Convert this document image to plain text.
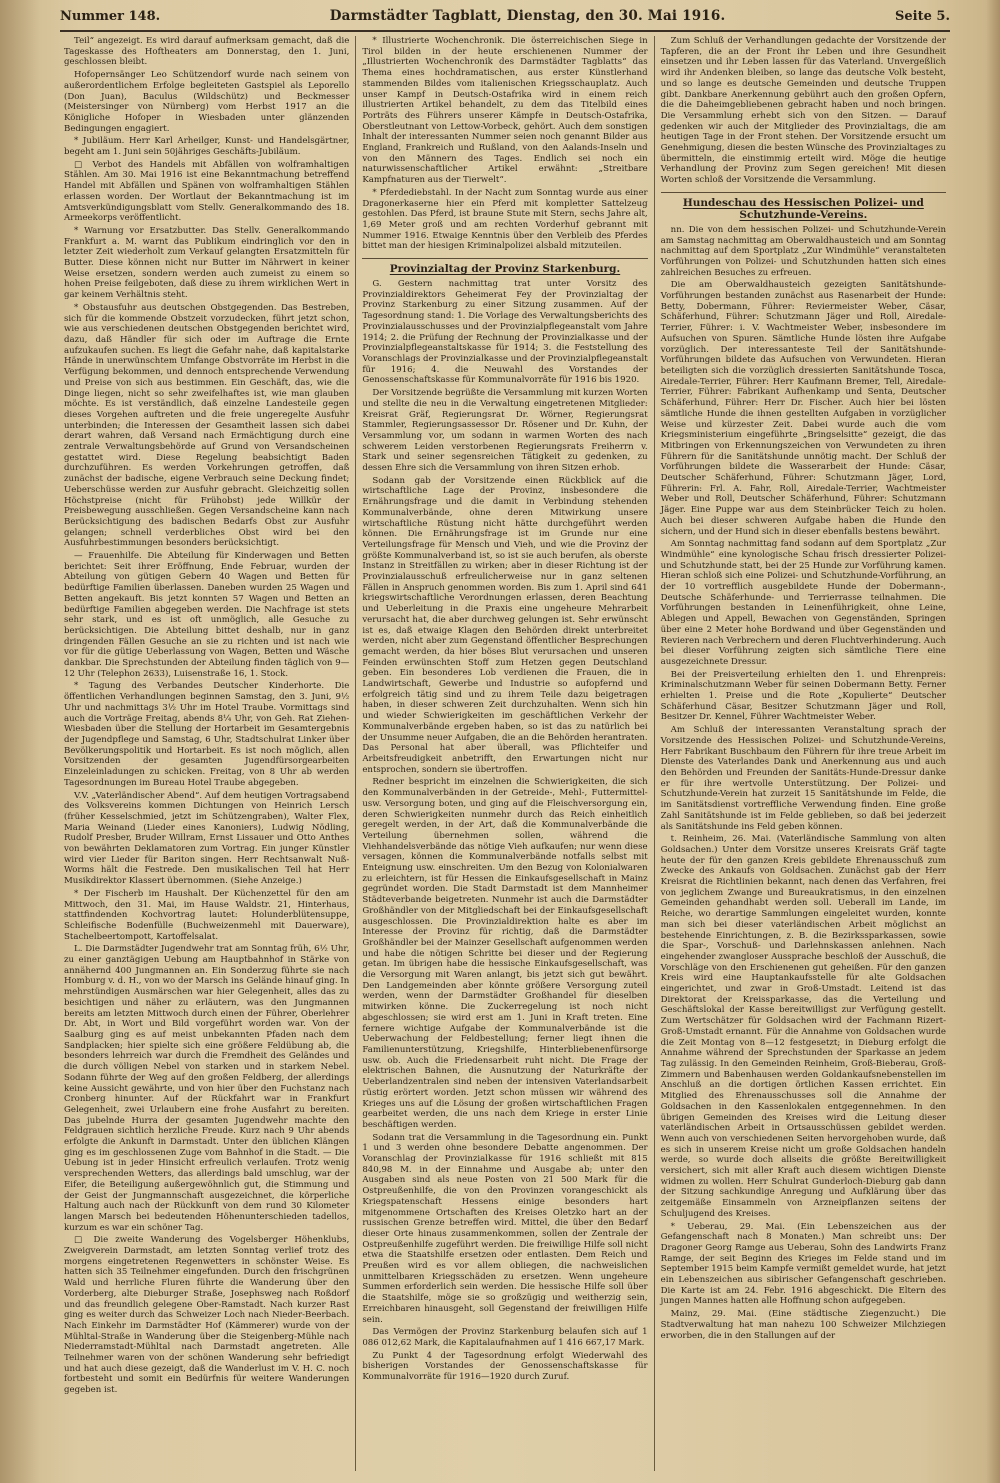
Nummer 148.	Darmstädter Tagblatt, Dienstag, den 30. Mai 1916.	Seite 5.

Teil“ angezeigt. Es wird darauf aufmerksam gemacht, daß die Tageskasse des Hoftheaters am Donnerstag, den 1. Juni, geschlossen bleibt.

Hofopernsänger Leo Schützendorf wurde nach seinem von außerordentlichem Erfolge begleiteten Gastspiel als Leporello (Don Juan), Baculus (Wildschütz) und Beckmesser (Meistersinger von Nürnberg) vom Herbst 1917 an die Königliche Hofoper in Wiesbaden unter glänzenden Bedingungen engagiert.

* Jubiläum. Herr Karl Arheilger, Kunst- und Handelsgärtner, begeht am 1. Juni sein 50jähriges Geschäfts-Jubiläum.

□ Verbot des Handels mit Abfällen von wolframhaltigen Stählen. Am 30. Mai 1916 ist eine Bekanntmachung betreffend Handel mit Abfällen und Spänen von wolframhaltigen Stählen erlassen worden. Der Wortlaut der Bekanntmachung ist im Amtsverkündigungsblatt vom Stellv. Generalkommando des 18. Armeekorps veröffentlicht.

* Warnung vor Ersatzbutter. Das Stellv. Generalkommando Frankfurt a. M. warnt das Publikum eindringlich vor den in letzter Zeit wiederholt zum Verkauf gelangten Ersatzmitteln für Butter. Diese können nicht nur Butter im Nährwert in keiner Weise ersetzen, sondern werden auch zumeist zu einem so hohen Preise feilgeboten, daß diese zu ihrem wirklichen Wert in gar keinem Verhältnis steht.

* Obstausfuhr aus deutschen Obstgegenden. Das Bestreben, sich für die kommende Obstzeit vorzudecken, führt jetzt schon, wie aus verschiedenen deutschen Obstgegenden berichtet wird, dazu, daß Händler für sich oder im Auftrage die Ernte aufzukaufen suchen. Es liegt die Gefahr nahe, daß kapitalstarke Hände in unerwünschtem Umfange Obstvorräte im Herbst in die Verfügung bekommen, und dennoch entsprechende Verwendung und Preise von sich aus bestimmen. Ein Geschäft, das, wie die Dinge liegen, nicht so sehr zweifelhaftes ist, wie man glauben möchte. Es ist verständlich, daß einzelne Landesteile gegen dieses Vorgehen auftreten und die freie ungeregelte Ausfuhr unterbinden; die Interessen der Gesamtheit lassen sich dabei derart wahren, daß Versand nach Ermächtigung durch eine zentrale Verwaltungsbehörde auf Grund von Versandscheinen gestattet wird. Diese Regelung beabsichtigt Baden durchzuführen. Es werden Vorkehrungen getroffen, daß zunächst der badische, eigene Verbrauch seine Deckung findet; Ueberschüsse werden zur Ausfuhr gebracht. Gleichzeitig sollen Höchstpreise (nicht für Frühobst) jede Willkür der Preisbewegung ausschließen. Gegen Versandscheine kann nach Berücksichtigung des badischen Bedarfs Obst zur Ausfuhr gelangen; schnell verderbliches Obst wird bei den Ausfuhrbestimmungen besonders berücksichtigt.

— Frauenhilfe. Die Abteilung für Kinderwagen und Betten berichtet: Seit ihrer Eröffnung, Ende Februar, wurden der Abteilung von gütigen Gebern 40 Wagen und Betten für bedürftige Familien überlassen. Daneben wurden 25 Wagen und Betten angekauft. Bis jetzt konnten 57 Wagen und Betten an bedürftige Familien abgegeben werden. Die Nachfrage ist stets sehr stark, und es ist oft unmöglich, alle Gesuche zu berücksichtigen. Die Abteilung bittet deshalb, nur in ganz dringenden Fällen Gesuche an sie zu richten und ist nach wie vor für die gütige Ueberlassung von Wagen, Betten und Wäsche dankbar. Die Sprechstunden der Abteilung finden täglich von 9—12 Uhr (Telephon 2633), Luisenstraße 16, 1. Stock.

* Tagung des Verbandes Deutscher Kinderhorte. Die öffentlichen Verhandlungen beginnen Samstag, den 3. Juni, 9½ Uhr und nachmittags 3½ Uhr im Hotel Traube. Vormittags sind auch die Vorträge Freitag, abends 8¼ Uhr, von Geh. Rat Ziehen-Wiesbaden über die Stellung der Hortarbeit im Gesamtergebnis der Jugendpflege und Samstag, 6 Uhr, Stadtschulrat Linker über Bevölkerungspolitik und Hortarbeit. Es ist noch möglich, allen Vorsitzenden der gesamten Jugendfürsorgearbeiten Einzeleinladungen zu schicken. Freitag, von 8 Uhr ab werden Tagesordnungen im Bureau Hotel Traube abgegeben.

V.V. „Vaterländischer Abend“. Auf dem heutigen Vortragsabend des Volksvereins kommen Dichtungen von Heinrich Lersch (früher Kesselschmied, jetzt im Schützengraben), Walter Flex, Maria Weinand (Lieder eines Kanoniers), Ludwig Nödling, Rudolf Presber, Bruder Willram, Ernst Lissauer und Otto Anthes von bewährten Deklamatoren zum Vortrag. Ein junger Künstler wird vier Lieder für Bariton singen. Herr Rechtsanwalt Nuß-Worms hält die Festrede. Den musikalischen Teil hat Herr Musikdirektor Klassert übernommen. (Siehe Anzeige.)

* Der Fischerb im Haushalt. Der Küchenzettel für den am Mittwoch, den 31. Mai, im Hause Waldstr. 21, Hinterhaus, stattfindenden Kochvortrag lautet: Holunderblütensuppe, Schleifische Bodenfülle (Buchweizenmehl mit Dauerware), Stachelbeertompott, Kartoffelsalat.

L. Die Darmstädter Jugendwehr trat am Sonntag früh, 6½ Uhr, zu einer ganztägigen Uebung am Hauptbahnhof in Stärke von annähernd 400 Jungmannen an. Ein Sonderzug führte sie nach Homburg v. d. H., von wo der Marsch ins Gelände hinauf ging. In mehrstündigen Ausmärschen war hier Gelegenheit, alles das zu besichtigen und näher zu erläutern, was den Jungmannen bereits am letzten Mittwoch durch einen der Führer, Oberlehrer Dr. Abt, in Wort und Bild vorgeführt worden war. Von der Saalburg ging es auf meist unbekannten Pfaden nach dem Sandplacken; hier spielte sich eine größere Feldübung ab, die besonders lehrreich war durch die Fremdheit des Geländes und die durch völligen Nebel von starken und in starkem Nebel. Sodann führte der Weg auf den großen Feldberg, der allerdings keine Aussicht gewährte, und von hier über den Fuchstanz nach Cronberg hinunter. Auf der Rückfahrt war in Frankfurt Gelegenheit, zwei Urlaubern eine frohe Ausfahrt zu bereiten. Das jubelnde Hurra der gesamten Jugendwehr machte den Feldgrauen sichtlich herzliche Freude. Kurz nach 9 Uhr abends erfolgte die Ankunft in Darmstadt. Unter den üblichen Klängen ging es im geschlossenen Zuge vom Bahnhof in die Stadt. — Die Uebung ist in jeder Hinsicht erfreulich verlaufen. Trotz wenig versprechenden Wetters, das allerdings bald umschlug, war der Eifer, die Beteiligung außergewöhnlich gut, die Stimmung und der Geist der Jungmannschaft ausgezeichnet, die körperliche Haltung auch nach der Rückkunft von dem rund 30 Kilometer langen Marsch bei bedeutenden Höhenunterschieden tadellos, kurzum es war ein schöner Tag.

□ Die zweite Wanderung des Vogelsberger Höhenklubs, Zweigverein Darmstadt, am letzten Sonntag verlief trotz des morgens eingetretenen Regenwetters in schönster Weise. Es hatten sich 35 Teilnehmer eingefunden. Durch den frischgrünen Wald und herrliche Fluren führte die Wanderung über den Vorderberg, alte Dieburger Straße, Josephsweg nach Roßdorf und das freundlich gelegene Ober-Ramstadt. Nach kurzer Rast ging es weiter durch das Schweizer Loch nach Nieder-Beerbach. Nach Einkehr im Darmstädter Hof (Kämmerer) wurde von der Mühltal-Straße in Wanderung über die Steigenberg-Mühle nach Niederramstadt-Mühltal nach Darmstadt angetreten. Alle Teilnehmer waren von der schönen Wanderung sehr befriedigt und hat auch diese gezeigt, daß die Wanderlust im V. H. C. noch fortbesteht und somit ein Bedürfnis für weitere Wanderungen gegeben ist.

* Illustrierte Wochenchronik. Die österreichischen Siege in Tirol bilden in der heute erschienenen Nummer der „Illustrierten Wochenchronik des Darmstädter Tagblatts“ das Thema eines hochdramatischen, aus erster Künstlerhand stammenden Bildes vom italienischen Kriegsschauplatz. Auch unser Kampf in Deutsch-Ostafrika wird in einem reich illustrierten Artikel behandelt, zu dem das Titelbild eines Porträts des Führers unserer Kämpfe in Deutsch-Ostafrika, Oberstleutnant von Lettow-Vorbeck, gehört. Auch dem sonstigen Inhalt der interessanten Nummer seien noch genannt Bilder aus England, Frankreich und Rußland, von den Aalands-Inseln und von den Männern des Tages. Endlich sei noch ein naturwissenschaftlicher Artikel erwähnt: „Streitbare Kampfnaturen aus der Tierwelt“.

* Pferdediebstahl. In der Nacht zum Sonntag wurde aus einer Dragonerkaserne hier ein Pferd mit kompletter Sattelzeug gestohlen. Das Pferd, ist braune Stute mit Stern, sechs Jahre alt, 1,69 Meter groß und am rechten Vorderhuf gebrannt mit Nummer 1916. Etwaige Kenntnis über den Verbleib des Pferdes bittet man der hiesigen Kriminalpolizei alsbald mitzuteilen.

Provinzialtag der Provinz Starkenburg.

G. Gestern nachmittag trat unter Vorsitz des Provinzialdirektors Geheimerat Fey der Provinzialtag der Provinz Starkenburg zu einer Sitzung zusammen. Auf der Tagesordnung stand: 1. Die Vorlage des Verwaltungsberichts des Provinzialausschusses und der Provinzialpflegeanstalt vom Jahre 1914; 2. die Prüfung der Rechnung der Provinzialkasse und der Provinzialpflegeanstaltskasse für 1914; 3. die Feststellung des Voranschlags der Provinzialkasse und der Provinzialpflegeanstalt für 1916; 4. die Neuwahl des Vorstandes der Genossenschaftskasse für Kommunalvorräte für 1916 bis 1920.

Der Vorsitzende begrüßte die Versammlung mit kurzen Worten und stellte die neu in die Verwaltung eingetretenen Mitglieder: Kreisrat Gräf, Regierungsrat Dr. Wörner, Regierungsrat Stammler, Regierungsassessor Dr. Rösener und Dr. Kuhn, der Versammlung vor, um sodann in warmen Worten des nach schwerem Leiden verstorbenen Regierungsrats Freiherrn v. Stark und seiner segensreichen Tätigkeit zu gedenken, zu dessen Ehre sich die Versammlung von ihren Sitzen erhob.

Sodann gab der Vorsitzende einen Rückblick auf die wirtschaftliche Lage der Provinz, insbesondere die Ernährungsfrage und die damit in Verbindung stehenden Kommunalverbände, ohne deren Mitwirkung unsere wirtschaftliche Rüstung nicht hätte durchgeführt werden können. Die Ernährungsfrage ist im Grunde nur eine Verteilungsfrage für Mensch und Vieh, und wie die Provinz der größte Kommunalverband ist, so ist sie auch berufen, als oberste Instanz in Streitfällen zu wirken; aber in dieser Richtung ist der Provinzialausschuß erfreulicherweise nur in ganz seltenen Fällen in Anspruch genommen worden. Bis zum 1. April sind 641 kriegswirtschaftliche Verordnungen erlassen, deren Beachtung und Ueberleitung in die Praxis eine ungeheure Mehrarbeit verursacht hat, die aber durchweg gelungen ist. Sehr erwünscht ist es, daß etwaige Klagen den Behörden direkt unterbreitet werden, nicht aber zum Gegenstand öffentlicher Besprechungen gemacht werden, da hier böses Blut verursachen und unseren Feinden erwünschten Stoff zum Hetzen gegen Deutschland geben. Ein besonderes Lob verdienen die Frauen, die in Landwirtschaft, Gewerbe und Industrie so aufopfernd und erfolgreich tätig sind und zu ihrem Teile dazu beigetragen haben, in dieser schweren Zeit durchzuhalten. Wenn sich hin und wieder Schwierigkeiten im geschäftlichen Verkehr der Kommunalverbände ergeben haben, so ist das zu natürlich bei der Unsumme neuer Aufgaben, die an die Behörden herantraten. Das Personal hat aber überall, was Pflichteifer und Arbeitsfreudigkeit anbetrifft, den Erwartungen nicht nur entsprochen, sondern sie übertroffen.

Redner bespricht im einzelnen die Schwierigkeiten, die sich den Kommunalverbänden in der Getreide-, Mehl-, Futtermittel- usw. Versorgung boten, und ging auf die Fleischversorgung ein, deren Schwierigkeiten nunmehr durch das Reich einheitlich geregelt werden, in der Art, daß die Kommunalverbände die Verteilung übernehmen sollen, während die Viehhandelsverbände das nötige Vieh aufkaufen; nur wenn diese versagen, können die Kommunalverbände notfalls selbst mit Enteignung usw. einschreiten. Um den Bezug von Kolonialwaren zu erleichtern, ist für Hessen die Einkaufsgesellschaft in Mainz gegründet worden. Die Stadt Darmstadt ist dem Mannheimer Städteverbande beigetreten. Nunmehr ist auch die Darmstädter Großhändler von der Mitgliedschaft bei der Einkaufsgesellschaft ausgeschlossen. Die Provinzialdirektion halte es aber im Interesse der Provinz für richtig, daß die Darmstädter Großhändler bei der Mainzer Gesellschaft aufgenommen werden und habe die nötigen Schritte bei dieser und der Regierung getan. Im übrigen habe die hessische Einkaufsgesellschaft, was die Versorgung mit Waren anlangt, bis jetzt sich gut bewährt. Den Landgemeinden aber könnte größere Versorgung zuteil werden, wenn der Darmstädter Großhandel für dieselben mitwirken könne. Die Zuckerregelung ist noch nicht abgeschlossen; sie wird erst am 1. Juni in Kraft treten. Eine fernere wichtige Aufgabe der Kommunalverbände ist die Ueberwachung der Feldbestellung; ferner liegt ihnen die Familienunterstützung, Kriegshilfe, Hinterbliebenenfürsorge usw. ob. Auch die Friedensarbeit ruht nicht. Die Frage der elektrischen Bahnen, die Ausnutzung der Naturkräfte der Ueberlandzentralen sind neben der intensiven Vaterlandsarbeit rüstig erörtert worden. Jetzt schon müssen wir während des Krieges uns auf die Lösung der großen wirtschaftlichen Fragen gearbeitet werden, die uns nach dem Kriege in erster Linie beschäftigen werden.

Sodann trat die Versammlung in die Tagesordnung ein. Punkt 1 und 3 werden ohne besondere Debatte angenommen. Der Voranschlag der Provinzialkasse für 1916 schließt mit 815 840,98 M. in der Einnahme und Ausgabe ab; unter den Ausgaben sind als neue Posten von 21 500 Mark für die Ostpreußenhilfe, die von den Provinzen vorangeschickt als Kriegspatenschaft Hessens einige besonders hart mitgenommene Ortschaften des Kreises Oletzko hart an der russischen Grenze betreffen wird. Mittel, die über den Bedarf dieser Orte hinaus zusammenkommen, sollen der Zentrale der Ostpreußenhilfe zugeführt werden. Die freiwillige Hilfe soll nicht etwa die Staatshilfe ersetzen oder entlasten. Dem Reich und Preußen wird es vor allem obliegen, die nachweislichen unmittelbaren Kriegsschäden zu ersetzen. Wenn ungeheure Summen erforderlich sein werden. Die hessische Hilfe soll über die Staatshilfe, möge sie so großzügig und weitherzig sein, Erreichbaren hinausgeht, soll Gegenstand der freiwilligen Hilfe sein.

Das Vermögen der Provinz Starkenburg belaufen sich auf 1 086 012,62 Mark, die Kapitalaufnahmen auf 1 416 667,17 Mark.

Zu Punkt 4 der Tagesordnung erfolgt Wiederwahl des bisherigen Vorstandes der Genossenschaftskasse für Kommunalvorräte für 1916—1920 durch Zuruf.

Zum Schluß der Verhandlungen gedachte der Vorsitzende der Tapferen, die an der Front ihr Leben und ihre Gesundheit einsetzen und ihr Leben lassen für das Vaterland. Unvergeßlich wird ihr Andenken bleiben, so lange das deutsche Volk besteht, und so lange es deutsche Gemeinden und deutsche Truppen gibt. Dankbare Anerkennung gebührt auch den großen Opfern, die die Daheimgebliebenen gebracht haben und noch bringen. Die Versammlung erhebt sich von den Sitzen. — Darauf gedenken wir auch der Mitglieder des Provinzialtags, die am heutigen Tage in der Front stehen. Der Vorsitzende ersucht um Genehmigung, diesen die besten Wünsche des Provinzialtages zu übermitteln, die einstimmig erteilt wird. Möge die heutige Verhandlung der Provinz zum Segen gereichen! Mit diesen Worten schloß der Vorsitzende die Versammlung.

Hundeschau des Hessischen Polizei- und Schutzhunde-Vereins.

nn. Die von dem hessischen Polizei- und Schutzhunde-Verein am Samstag nachmittag am Oberwaldhausteich und am Sonntag nachmittag auf dem Sportplatz „Zur Windmühle“ veranstalteten Vorführungen von Polizei- und Schutzhunden hatten sich eines zahlreichen Besuches zu erfreuen.

Die am Oberwaldhausteich gezeigten Sanitätshunde-Vorführungen bestanden zunächst aus Rasenarbeit der Hunde: Betty, Dobermann, Führer: Reviermeister Weber, Cäsar, Schäferhund, Führer: Schutzmann Jäger und Roll, Airedale-Terrier, Führer: i. V. Wachtmeister Weber, insbesondere im Aufsuchen von Spuren. Sämtliche Hunde lösten ihre Aufgabe vorzüglich. Der interessanteste Teil der Sanitätshunde-Vorführungen bildete das Aufsuchen von Verwundeten. Hieran beteiligten sich die vorzüglich dressierten Sanitätshunde Tosca, Airedale-Terrier, Führer: Herr Kaufmann Bremer, Tell, Airedale-Terrier, Führer: Fabrikant Aufhenkamp und Senta, Deutscher Schäferhund, Führer: Herr Dr. Fischer. Auch hier bei lösten sämtliche Hunde die ihnen gestellten Aufgaben in vorzüglicher Weise und kürzester Zeit. Dabei wurde auch die vom Kriegsministerium eingeführte „Bringselsitte“ gezeigt, die das Mitbringen von Erkennungszeichen von Verwundeten zu ihren Führern für die Sanitätshunde unnötig macht. Der Schluß der Vorführungen bildete die Wasserarbeit der Hunde: Cäsar, Deutscher Schäferhund, Führer: Schutzmann Jäger, Lord, Führerin: Frl. A. Fahr, Roll, Airedale-Terrier, Wachtmeister Weber und Roll, Deutscher Schäferhund, Führer: Schutzmann Jäger. Eine Puppe war aus dem Steinbrücker Teich zu holen. Auch bei dieser schweren Aufgabe haben die Hunde den sichern, und der Hund sich in dieser ebenfalls bestens bewährt.

Am Sonntag nachmittag fand sodann auf dem Sportplatz „Zur Windmühle“ eine kynologische Schau frisch dressierter Polizei- und Schutzhunde statt, bei der 25 Hunde zur Vorführung kamen. Hieran schloß sich eine Polizei- und Schutzhunde-Vorführung, an der 10 vortrefflich ausgebildete Hunde der Dobermann-, Deutsche Schäferhunde- und Terrierrasse teilnahmen. Die Vorführungen bestanden in Leinenführigkeit, ohne Leine, Ablegen und Appell, Bewachen von Gegenständen, Springen über eine 2 Meter hohe Bordwand und über Gegenständen und Revieren nach Verbrechern und deren Fluchtverhinderung. Auch bei dieser Vorführung zeigten sich sämtliche Tiere eine ausgezeichnete Dressur.

Bei der Preisverteilung erhielten den 1. und Ehrenpreis: Kriminalschutzmann Weber für seinen Dobermann Betty. Ferner erhielten 1. Preise und die Rote „Kopulierte“ Deutscher Schäferhund Cäsar, Besitzer Schutzmann Jäger und Roll, Besitzer Dr. Kennel, Führer Wachtmeister Weber.

Am Schluß der interessanten Veranstaltung sprach der Vorsitzende des Hessischen Polizei- und Schutzhunde-Vereins, Herr Fabrikant Buschbaum den Führern für ihre treue Arbeit im Dienste des Vaterlandes Dank und Anerkennung aus und auch den Behörden und Freunden der Sanitäts-Hunde-Dressur danke er für ihre wertvolle Unterstützung. Der Polizei- und Schutzhunde-Verein hat zurzeit 15 Sanitätshunde im Felde, die im Sanitätsdienst vortreffliche Verwendung finden. Eine große Zahl Sanitätshunde ist im Felde geblieben, so daß bei jederzeit als Sanitätshunde ins Feld geben können.

t. Reinheim, 26. Mai. (Vaterländische Sammlung von alten Goldsachen.) Unter dem Vorsitze unseres Kreisrats Gräf tagte heute der für den ganzen Kreis gebildete Ehrenausschuß zum Zwecke des Ankaufs von Goldsachen. Zunächst gab der Herr Kreisrat die Richtlinien bekannt, nach denen das Verfahren, frei von jeglichem Zwange und Bureaukratismus, in den einzelnen Gemeinden gehandhabt werden soll. Ueberall im Lande, im Reiche, wo derartige Sammlungen eingeleitet wurden, konnte man sich bei dieser vaterländischen Arbeit möglichst an bestehende Einrichtungen, z. B. die Bezirkssparkassen, sowie die Spar-, Vorschuß- und Darlehnskassen anlehnen. Nach eingehender zwangloser Aussprache beschloß der Ausschuß, die Vorschläge von den Erschienenen gut geheißen. Für den ganzen Kreis wird eine Hauptankaufsstelle für alte Goldsachen eingerichtet, und zwar in Groß-Umstadt. Leitend ist das Direktorat der Kreissparkasse, das die Verteilung und Geschäftslokal der Kasse bereitwilligst zur Verfügung gestellt. Zum Wertschätzer für Goldsachen wird der Fachmann Rizert-Groß-Umstadt ernannt. Für die Annahme von Goldsachen wurde die Zeit Montag von 8—12 festgesetzt; in Dieburg erfolgt die Annahme während der Sprechstunden der Sparkasse an jedem Tag zulässig. In den Gemeinden Reinheim, Groß-Bieberau, Groß-Zimmern und Babenhausen werden Goldankaufsnebenstellen im Anschluß an die dortigen örtlichen Kassen errichtet. Ein Mitglied des Ehrenausschusses soll die Annahme der Goldsachen in den Kassenlokalen entgegennehmen. In den übrigen Gemeinden des Kreises wird die Leitung dieser vaterländischen Arbeit in Ortsausschüssen gebildet werden. Wenn auch von verschiedenen Seiten hervorgehoben wurde, daß es sich in unserem Kreise nicht um große Goldsachen handeln werde, so wurde doch allseits die größte Bereitwilligkeit versichert, sich mit aller Kraft auch diesem wichtigen Dienste widmen zu wollen. Herr Schulrat Gunderloch-Dieburg gab dann der Sitzung sachkundige Anregung und Aufklärung über das zeitgemäße Einsammeln von Arzneipflanzen seitens der Schuljugend des Kreises.

* Ueberau, 29. Mai. (Ein Lebenszeichen aus der Gefangenschaft nach 8 Monaten.) Man schreibt uns: Der Dragoner Georg Ramge aus Ueberau, Sohn des Landwirts Franz Ramge, der seit Beginn des Krieges im Felde stand und im September 1915 beim Kampfe vermißt gemeldet wurde, hat jetzt ein Lebenszeichen aus sibirischer Gefangenschaft geschrieben. Die Karte ist am 24. Febr. 1916 abgeschickt. Die Eltern des jungen Mannes hatten alle Hoffnung schon aufgegeben.

Mainz, 29. Mai. (Eine städtische Ziegenzucht.) Die Stadtverwaltung hat man nahezu 100 Schweizer Milchziegen erworben, die in den Stallungen auf der
